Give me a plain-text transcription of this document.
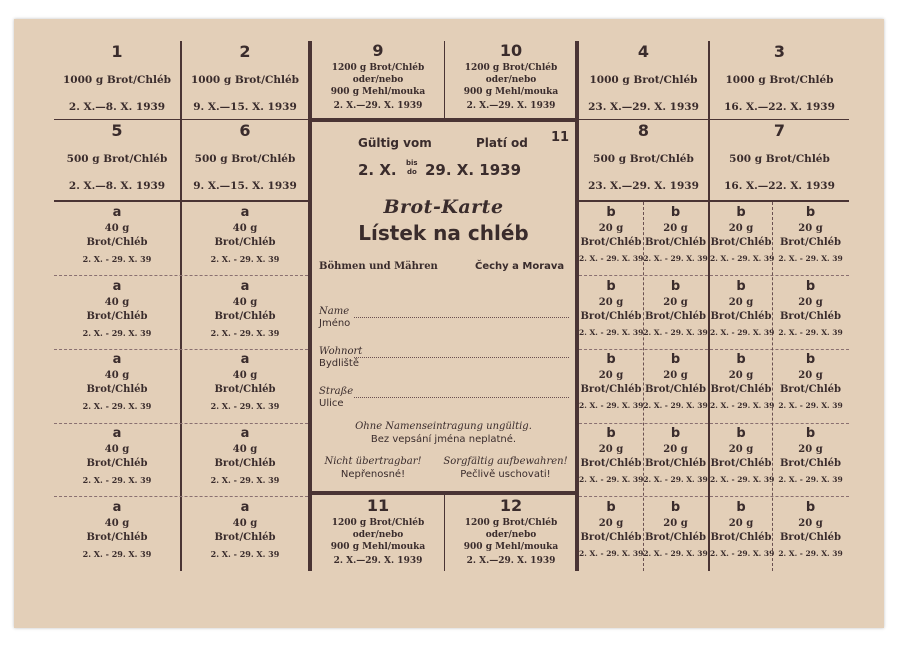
1
1000 g Brot/Chléb
2. X.—8. X. 1939
2
1000 g Brot/Chléb
9. X.—15. X. 1939
4
1000 g Brot/Chléb
23. X.—29. X. 1939
3
1000 g Brot/Chléb
16. X.—22. X. 1939
5
500 g Brot/Chléb
2. X.—8. X. 1939
6
500 g Brot/Chléb
9. X.—15. X. 1939
8
500 g Brot/Chléb
23. X.—29. X. 1939
7
500 g Brot/Chléb
16. X.—22. X. 1939
9
1200 g Brot/Chléb
oder/nebo
900 g Mehl/mouka
2. X.—29. X. 1939
10
1200 g Brot/Chléb
oder/nebo
900 g Mehl/mouka
2. X.—29. X. 1939
11
1200 g Brot/Chléb
oder/nebo
900 g Mehl/mouka
2. X.—29. X. 1939
12
1200 g Brot/Chléb
oder/nebo
900 g Mehl/mouka
2. X.—29. X. 1939
a
40 g
Brot/Chléb
2. X. - 29. X. 39
a
40 g
Brot/Chléb
2. X. - 29. X. 39
b
20 g
Brot/Chléb
2. X. - 29. X. 39
b
20 g
Brot/Chléb
2. X. - 29. X. 39
b
20 g
Brot/Chléb
2. X. - 29. X. 39
b
20 g
Brot/Chléb
2. X. - 29. X. 39
a
40 g
Brot/Chléb
2. X. - 29. X. 39
a
40 g
Brot/Chléb
2. X. - 29. X. 39
b
20 g
Brot/Chléb
2. X. - 29. X. 39
b
20 g
Brot/Chléb
2. X. - 29. X. 39
b
20 g
Brot/Chléb
2. X. - 29. X. 39
b
20 g
Brot/Chléb
2. X. - 29. X. 39
a
40 g
Brot/Chléb
2. X. - 29. X. 39
a
40 g
Brot/Chléb
2. X. - 29. X. 39
b
20 g
Brot/Chléb
2. X. - 29. X. 39
b
20 g
Brot/Chléb
2. X. - 29. X. 39
b
20 g
Brot/Chléb
2. X. - 29. X. 39
b
20 g
Brot/Chléb
2. X. - 29. X. 39
a
40 g
Brot/Chléb
2. X. - 29. X. 39
a
40 g
Brot/Chléb
2. X. - 29. X. 39
b
20 g
Brot/Chléb
2. X. - 29. X. 39
b
20 g
Brot/Chléb
2. X. - 29. X. 39
b
20 g
Brot/Chléb
2. X. - 29. X. 39
b
20 g
Brot/Chléb
2. X. - 29. X. 39
a
40 g
Brot/Chléb
2. X. - 29. X. 39
a
40 g
Brot/Chléb
2. X. - 29. X. 39
b
20 g
Brot/Chléb
2. X. - 29. X. 39
b
20 g
Brot/Chléb
2. X. - 29. X. 39
b
20 g
Brot/Chléb
2. X. - 29. X. 39
b
20 g
Brot/Chléb
2. X. - 29. X. 39
Gültig vom	Platí od 11
2. X. bis
do 29. X. 1939
Brot-Karte
Lístek na chléb
Böhmen und Mähren	Čechy a Morava
Name
Jméno
Wohnort
Bydliště
Straße
Ulice
Ohne Namenseintragung ungültig.
Bez vepsání jména neplatné.
Nicht übertragbar!
Nepřenosné!
Sorgfältig aufbewahren!
Pečlivě uschovati!
